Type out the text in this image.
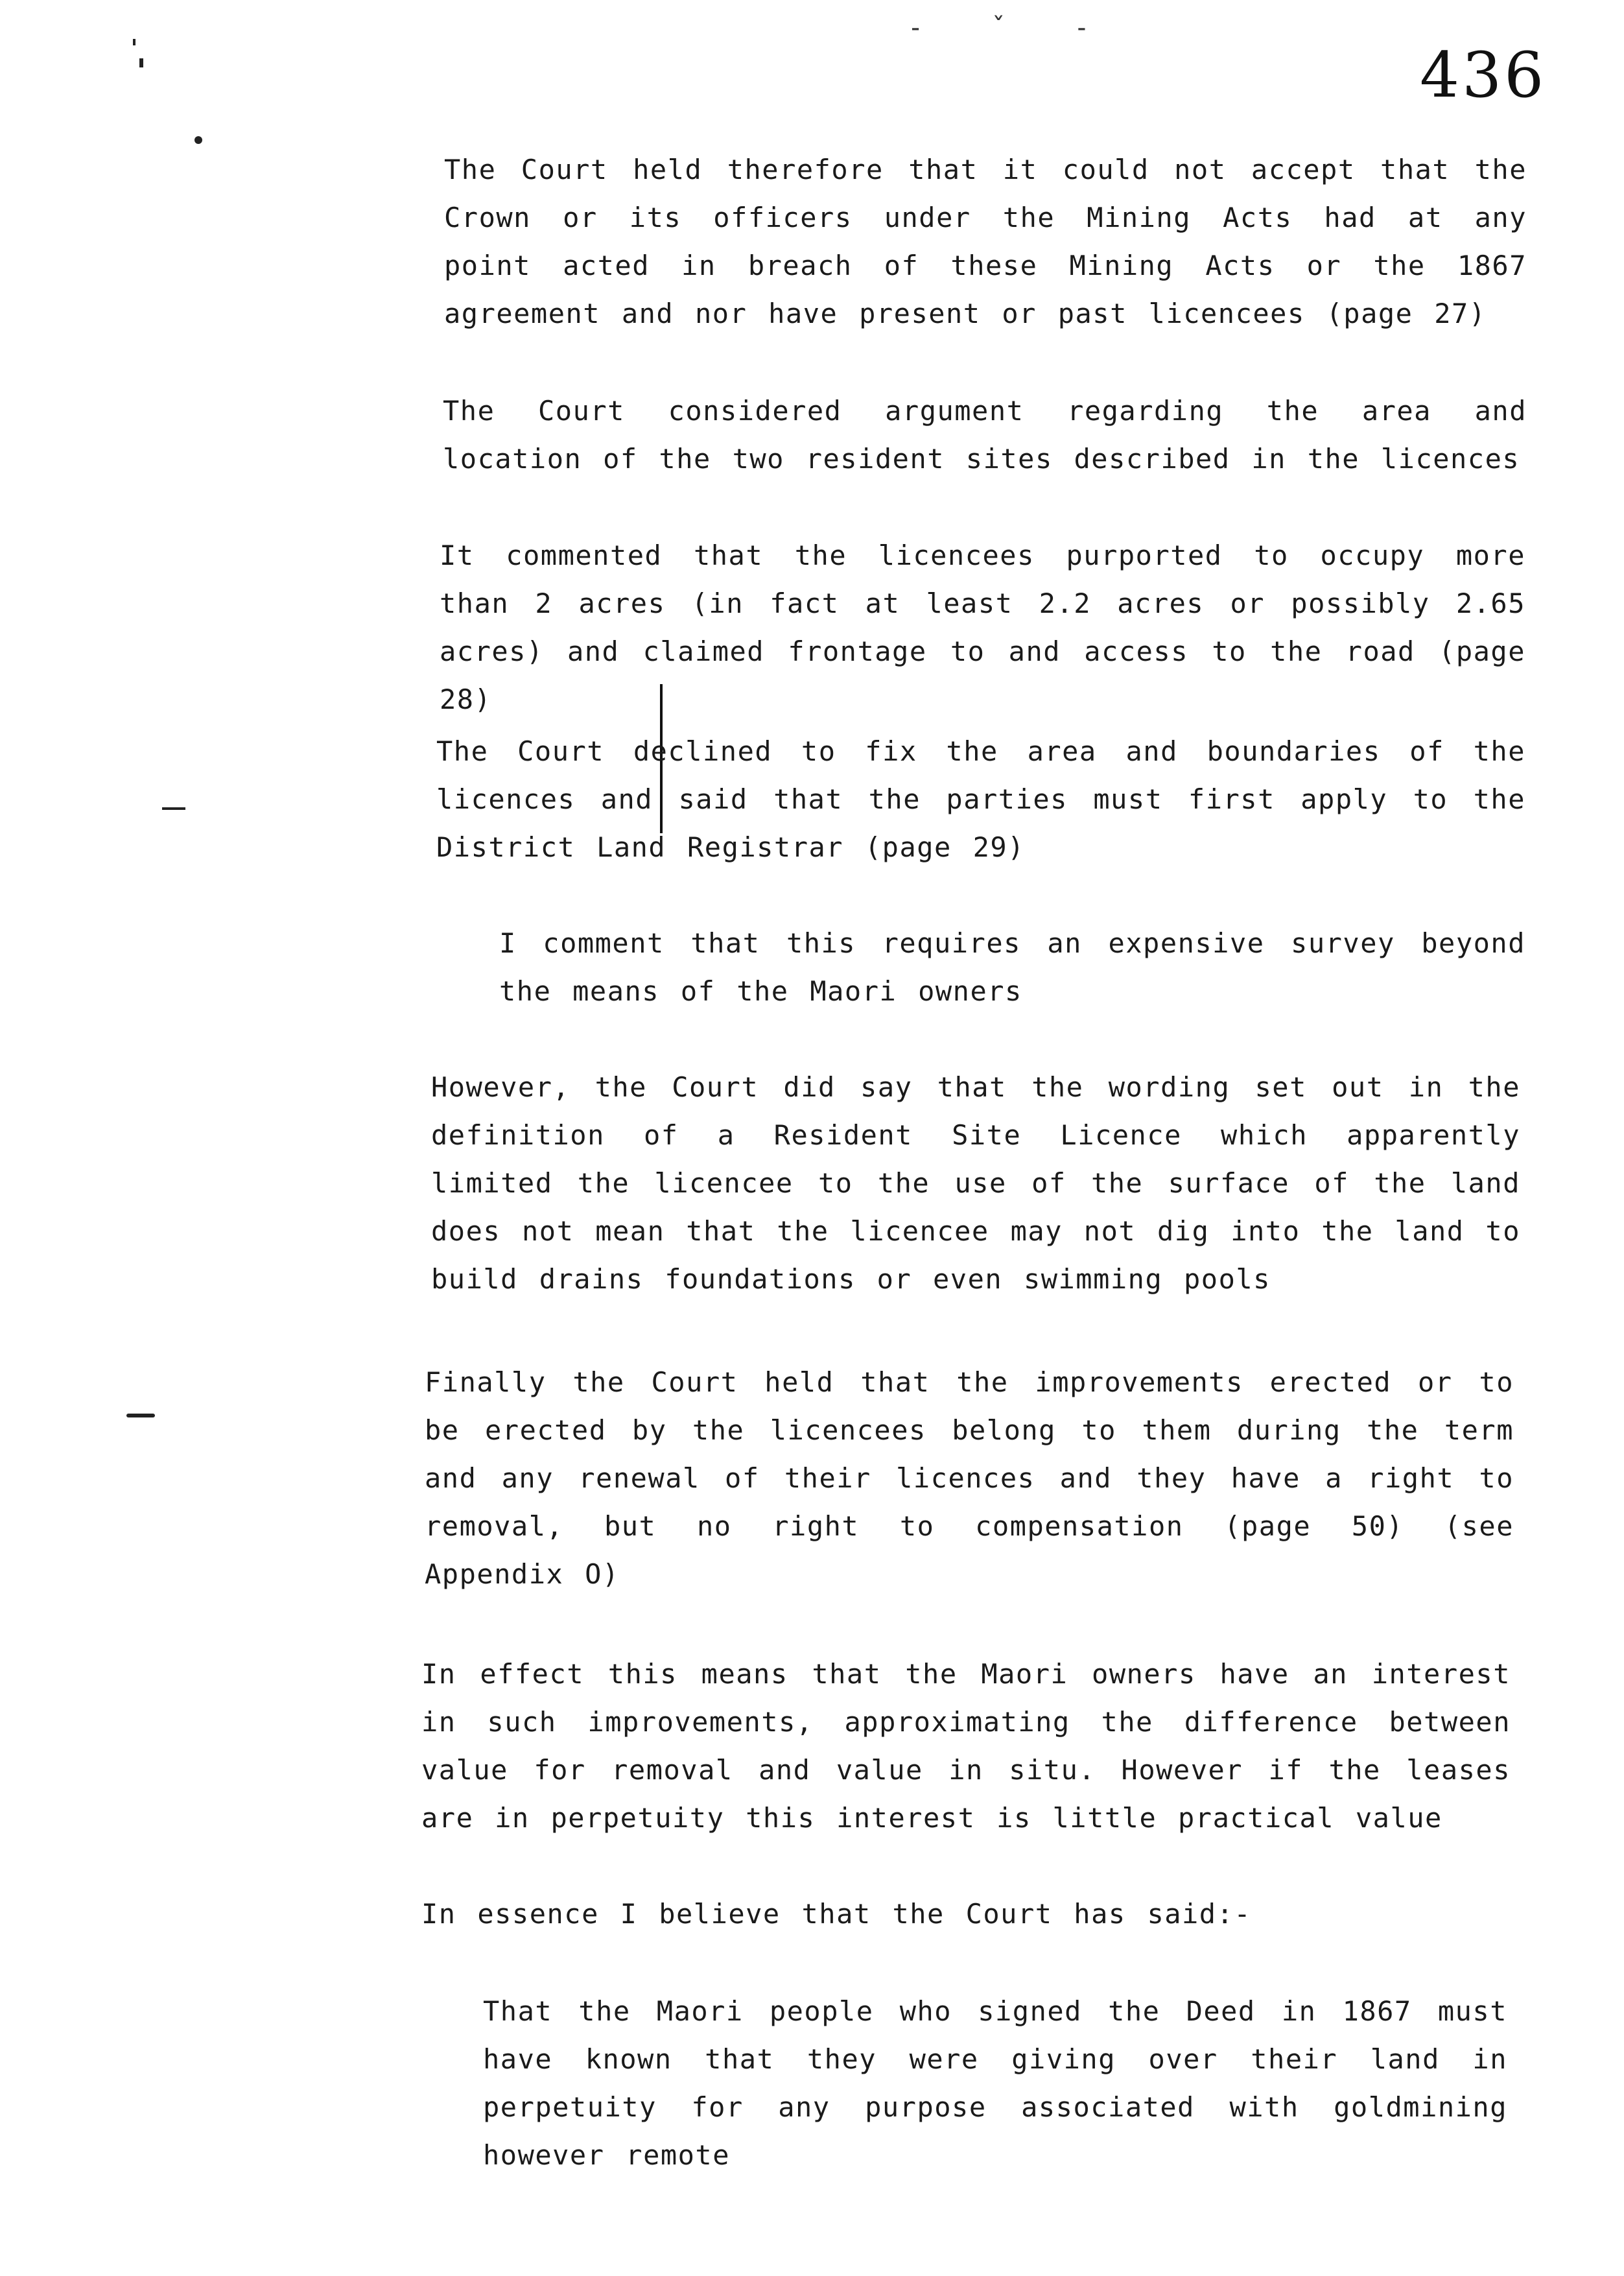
- ˇ -
436
The Court held therefore that it could not accept that the Crown or its officers under the Mining Acts had at any point acted in breach of these Mining Acts or the 1867 agreement and nor have present or past licencees (page 27)
The Court considered argument regarding the area and location of the two resident sites described in the licences
It commented that the licencees purported to occupy more than 2 acres (in fact at least 2.2 acres or possibly 2.65 acres) and claimed frontage to and access to the road (page 28)
The Court declined to fix the area and boundaries of the licences and said that the parties must first apply to the District Land Registrar (page 29)
I comment that this requires an expensive survey beyond the means of the Maori owners
However, the Court did say that the wording set out in the definition of a Resident Site Licence which apparently limited the licencee to the use of the surface of the land does not mean that the licencee may not dig into the land to build drains foundations or even swimming pools
Finally the Court held that the improvements erected or to be erected by the licencees belong to them during the term and any renewal of their licences and they have a right to removal, but no right to compensation (page 50) (see Appendix O)
In effect this means that the Maori owners have an interest in such improvements, approximating the difference between value for removal and value in situ. However if the leases are in perpetuity this interest is little practical value
In essence I believe that the Court has said:-
That the Maori people who signed the Deed in 1867 must have known that they were giving over their land in perpetuity for any purpose associated with goldmining however remote
